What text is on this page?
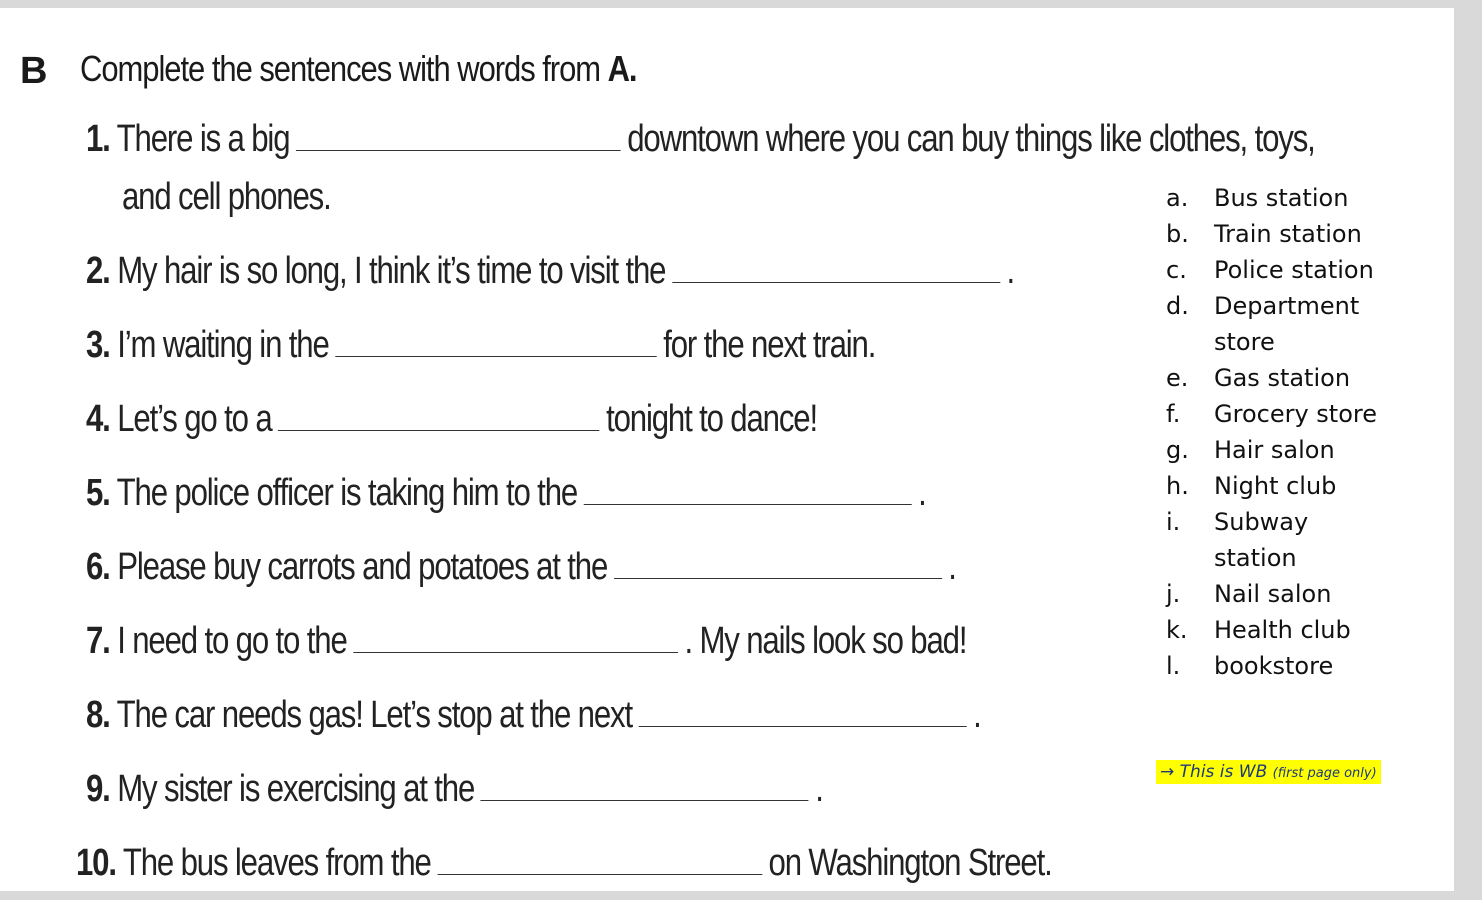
B Complete the sentences with words from A.
1. There is a big	downtown where you can buy things like clothes, toys,
and cell phones.
2. My hair is so long, I think it’s time to visit the	.
3. I’m waiting in the	for the next train.
4. Let’s go to a	tonight to dance!
5. The police officer is taking him to the	.
6. Please buy carrots and potatoes at the	.
7. I need to go to the	. My nails look so bad!
8. The car needs gas! Let’s stop at the next	.
9. My sister is exercising at the	.
10. The bus leaves from the	on Washington Street.
a.	Bus station
b.	Train station
c.	Police station
d.	Department store
e.	Gas station
f.	Grocery store
g.	Hair salon
h.	Night club
i.	Subway station
j.	Nail salon
k.	Health club
l.	bookstore
→ This is WB (first page only)
